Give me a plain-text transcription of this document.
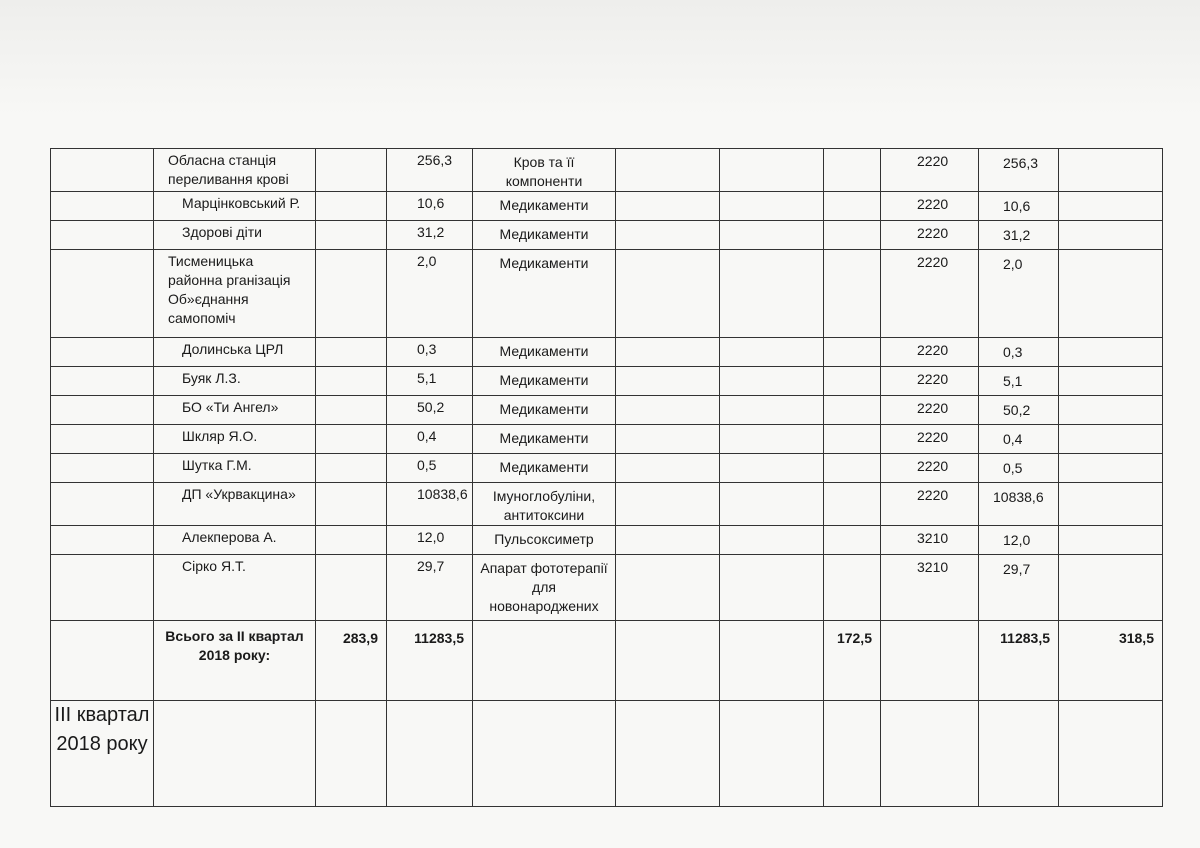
	Обласна станція переливання крові		256,3	Кров та її компоненти				2220	256,3	
	Марцінковський Р.		10,6	Медикаменти				2220	10,6	
	Здорові діти		31,2	Медикаменти				2220	31,2	
	Тисменицька районна рганізація Об»єднання самопоміч		2,0	Медикаменти				2220	2,0	
	Долинська ЦРЛ		0,3	Медикаменти				2220	0,3	
	Буяк Л.З.		5,1	Медикаменти				2220	5,1	
	БО «Ти Ангел»		50,2	Медикаменти				2220	50,2	
	Шкляр Я.О.		0,4	Медикаменти				2220	0,4	
	Шутка Г.М.		0,5	Медикаменти				2220	0,5	
	ДП «Укрвакцина»		10838,6	Імуноглобуліни, антитоксини				2220	10838,6	
	Алекперова А.		12,0	Пульсоксиметр				3210	12,0	
	Сірко Я.Т.		29,7	Апарат фототерапії для новонароджених				3210	29,7	
	Всього за ІІ квартал 2018 року:	283,9	11283,5				172,5		11283,5	318,5
ІІІ квартал 2018 року										
